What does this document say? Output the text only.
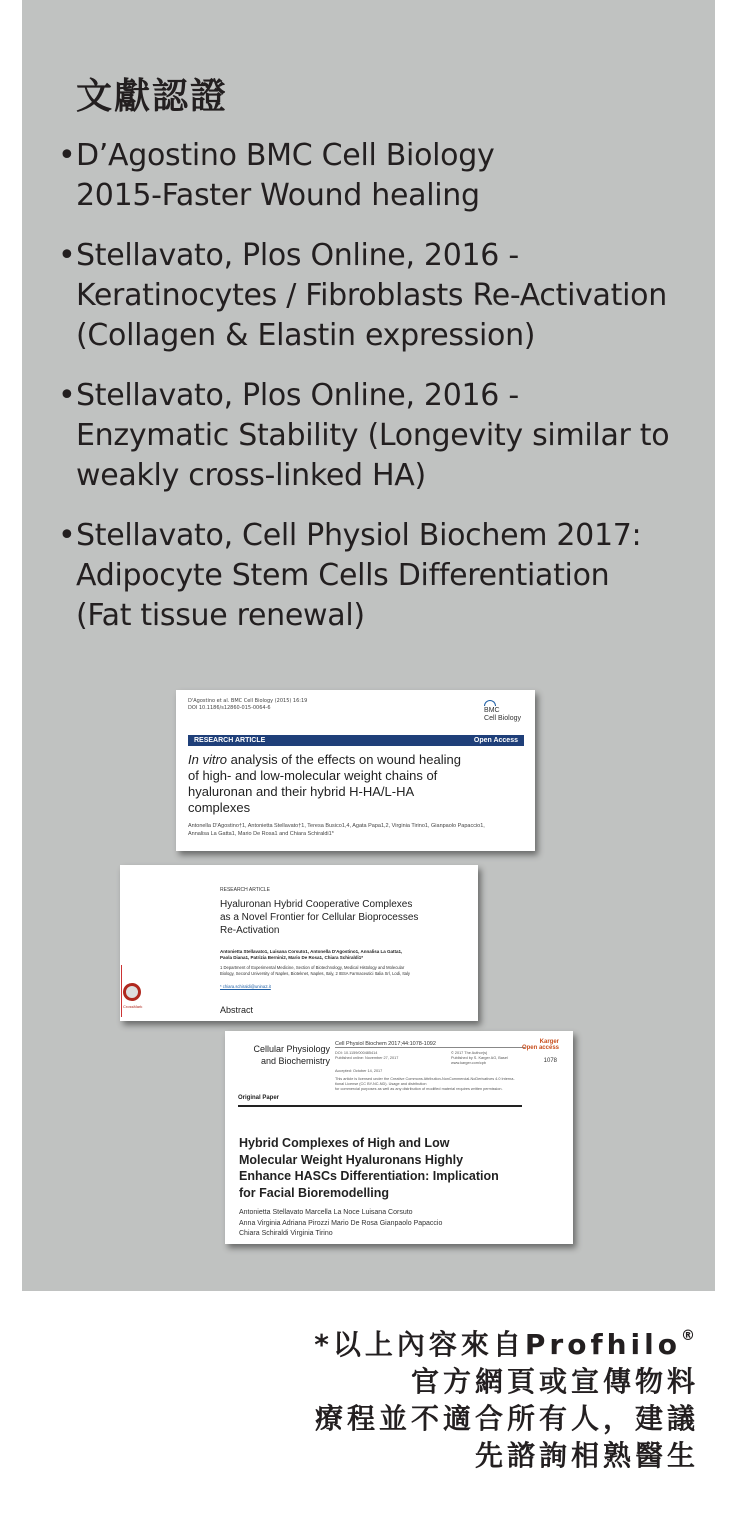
文獻認證
• D’Agostino BMC Cell Biology
2015-Faster Wound healing
• Stellavato, Plos Online, 2016 -
Keratinocytes / Fibroblasts Re-Activation
(Collagen & Elastin expression)
• Stellavato, Plos Online, 2016 -
Enzymatic Stability (Longevity similar to
weakly cross-linked HA)
• Stellavato, Cell Physiol Biochem 2017:
Adipocyte Stem Cells Differentiation
(Fat tissue renewal)
D'Agostino et al. BMC Cell Biology (2015) 16:19
DOI 10.1186/s12860-015-0064-6	BMC
Cell Biology
RESEARCH ARTICLE	Open Access
In vitro analysis of the effects on wound healing
of high- and low-molecular weight chains of
hyaluronan and their hybrid H-HA/L-HA
complexes
Antonella D'Agostino†1, Antonietta Stellavato†1, Teresa Busico1,4, Agata Papa1,2, Virginia Tirino1, Gianpaolo Papaccio1,
Annalisa La Gatta1, Mario De Rosa1 and Chiara Schiraldi1*
CrossMark
RESEARCH ARTICLE
Hyaluronan Hybrid Cooperative Complexes
as a Novel Frontier for Cellular Bioprocesses
Re-Activation
Antonietta Stellavato1, Luisana Corsuto1, Antonella D'Agostino1, Annalisa La Gatta1,
Paola Diana1, Patrizia Bernini2, Mario De Rosa1, Chiara Schiraldi1*
1 Department of Experimental Medicine, Section of Biotechnology, Medical Histology and Molecular
Biology, Second University of Naples, Bioteknet, Naples, Italy, 2 IBSA Farmaceutici Italia Srl, Lodi, Italy
* chiara.schiraldi@unina2.it
Abstract
Cellular Physiology
and Biochemistry
Cell Physiol Biochem 2017;44:1078-1092
DOI: 10.1159/000485414
Published online: November 27, 2017
Accepted: October 14, 2017
© 2017 The Author(s)
Published by S. Karger AG, Basel
www.karger.com/cpb
This article is licensed under the Creative Commons Attribution-NonCommercial-NoDerivatives 4.0 Interna-
tional License (CC BY-NC-ND). Usage and distribution
for commercial purposes as well as any distribution of modified material requires written permission.
Karger
Open access
1078
Original Paper
Hybrid Complexes of High and Low
Molecular Weight Hyaluronans Highly
Enhance HASCs Differentiation: Implication
for Facial Bioremodelling
Antonietta Stellavato Marcella La Noce Luisana Corsuto
Anna Virginia Adriana Pirozzi Mario De Rosa Gianpaolo Papaccio
Chiara Schiraldi Virginia Tirino
*以上內容來自Profhilo®
官方網頁或宣傳物料
療程並不適合所有人，建議
先諮詢相熟醫生
